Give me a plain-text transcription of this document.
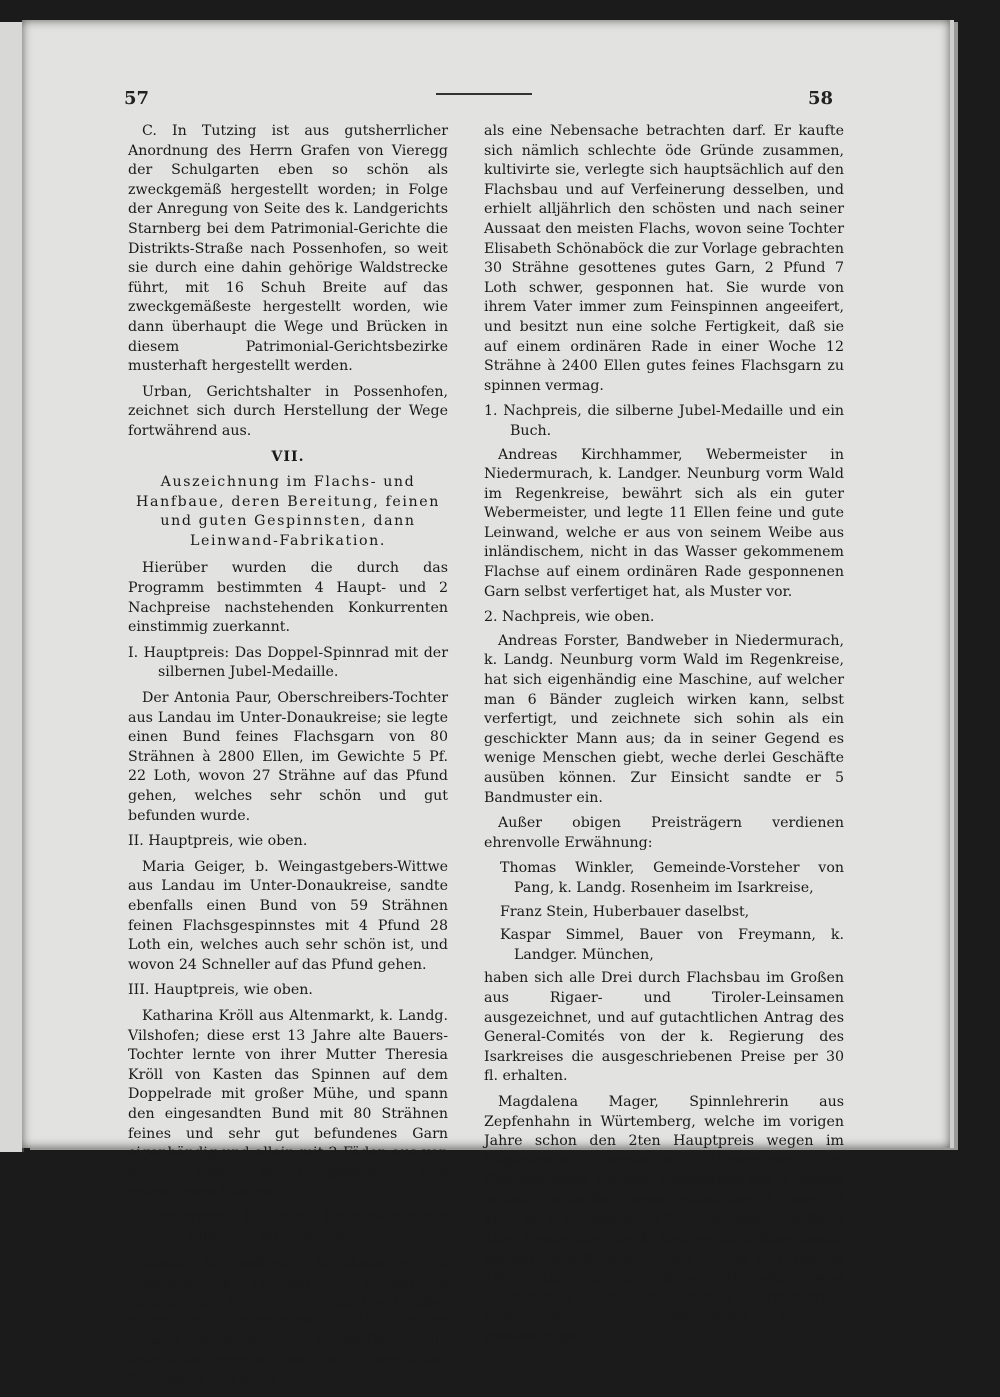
57	58

C. In Tutzing ist aus gutsherrlicher Anordnung des Herrn Grafen von Vieregg der Schulgarten eben so schön als zweckgemäß hergestellt worden; in Folge der Anregung von Seite des k. Landgerichts Starnberg bei dem Patrimonial-Gerichte die Distrikts-Straße nach Possenhofen, so weit sie durch eine dahin gehörige Waldstrecke führt, mit 16 Schuh Breite auf das zweckgemäßeste hergestellt worden, wie dann überhaupt die Wege und Brücken in diesem Patrimonial-Gerichtsbezirke musterhaft hergestellt werden.

Urban, Gerichtshalter in Possenhofen, zeichnet sich durch Herstellung der Wege fortwährend aus.

VII.
Auszeichnung im Flachs- und Hanfbaue, deren Bereitung, feinen und guten Gespinnsten, dann Leinwand-Fabrikation.

Hierüber wurden die durch das Programm bestimmten 4 Haupt- und 2 Nachpreise nachstehenden Konkurrenten einstimmig zuerkannt.

I. Hauptpreis: Das Doppel-Spinnrad mit der silbernen Jubel-Medaille.

Der Antonia Paur, Oberschreibers-Tochter aus Landau im Unter-Donaukreise; sie legte einen Bund feines Flachsgarn von 80 Strähnen à 2800 Ellen, im Gewichte 5 Pf. 22 Loth, wovon 27 Strähne auf das Pfund gehen, welches sehr schön und gut befunden wurde.

II. Hauptpreis, wie oben.

Maria Geiger, b. Weingastgebers-Wittwe aus Landau im Unter-Donaukreise, sandte ebenfalls einen Bund von 59 Strähnen feinen Flachsgespinnstes mit 4 Pfund 28 Loth ein, welches auch sehr schön ist, und wovon 24 Schneller auf das Pfund gehen.

III. Hauptpreis, wie oben.

Katharina Kröll aus Altenmarkt, k. Landg. Vilshofen; diese erst 13 Jahre alte Bauers-Tochter lernte von ihrer Mutter Theresia Kröll von Kasten das Spinnen auf dem Doppelrade mit großer Mühe, und spann den eingesandten Bund mit 80 Strähnen feines und sehr gut befundenes Garn eigenhändig und allein mit 2 Fäden aus von ihrem Vater selbst gebauten und präparirtem Flachse.

IV. Hauptpreis: Eine feine Flachshechel mit der silbernen Jubel-Medaille.

Adam Schönaböck, Schuhmacher in Stamsried, k. Landgerichts Roding im Regenkreise; er brachte es als Leerhäusler durch Fleiß, Arbeitsliebe und Häuslichkeit so weit, daß er sich eine kleine Oekonomie anschaffen konnte, und die Schuhmacher-Profession nun mehr

als eine Nebensache betrachten darf. Er kaufte sich nämlich schlechte öde Gründe zusammen, kultivirte sie, verlegte sich hauptsächlich auf den Flachsbau und auf Verfeinerung desselben, und erhielt alljährlich den schösten und nach seiner Aussaat den meisten Flachs, wovon seine Tochter Elisabeth Schönaböck die zur Vorlage gebrachten 30 Strähne gesottenes gutes Garn, 2 Pfund 7 Loth schwer, gesponnen hat. Sie wurde von ihrem Vater immer zum Feinspinnen angeeifert, und besitzt nun eine solche Fertigkeit, daß sie auf einem ordinären Rade in einer Woche 12 Strähne à 2400 Ellen gutes feines Flachsgarn zu spinnen vermag.

1. Nachpreis, die silberne Jubel-Medaille und ein Buch.

Andreas Kirchhammer, Webermeister in Niedermurach, k. Landger. Neunburg vorm Wald im Regenkreise, bewährt sich als ein guter Webermeister, und legte 11 Ellen feine und gute Leinwand, welche er aus von seinem Weibe aus inländischem, nicht in das Wasser gekommenem Flachse auf einem ordinären Rade gesponnenen Garn selbst verfertiget hat, als Muster vor.

2. Nachpreis, wie oben.

Andreas Forster, Bandweber in Niedermurach, k. Landg. Neunburg vorm Wald im Regenkreise, hat sich eigenhändig eine Maschine, auf welcher man 6 Bänder zugleich wirken kann, selbst verfertigt, und zeichnete sich sohin als ein geschickter Mann aus; da in seiner Gegend es wenige Menschen giebt, weche derlei Geschäfte ausüben können. Zur Einsicht sandte er 5 Bandmuster ein.

Außer obigen Preisträgern verdienen ehrenvolle Erwähnung:

Thomas Winkler, Gemeinde-Vorsteher von Pang, k. Landg. Rosenheim im Isarkreise,

Franz Stein, Huberbauer daselbst,

Kaspar Simmel, Bauer von Freymann, k. Landger. München,

haben sich alle Drei durch Flachsbau im Großen aus Rigaer- und Tiroler-Leinsamen ausgezeichnet, und auf gutachtlichen Antrag des General-Comités von der k. Regierung des Isarkreises die ausgeschriebenen Preise per 30 fl. erhalten.

Magdalena Mager, Spinnlehrerin aus Zepfenhahn in Würtemberg, welche im vorigen Jahre schon den 2ten Hauptpreis wegen im Regenkreise ertheilten Unterrichts im Flachsspinnen auf dem Doppelrade mit 2 Spulen erhielt, ertheilte diesen nämlichen Unterricht auch im k. Landgerichte Tölz, und gegenwärtig in allen Gemeinden des k. Landgerichts Rosenheim; sie hat da seit dem Monate Januar h. J. bereits 148 Mädchen in dieser Doppelspinnerei vollkommen und mit solchen Fortschritten unterrichtet, daß sämmtliche Mädchen preiswürdige
